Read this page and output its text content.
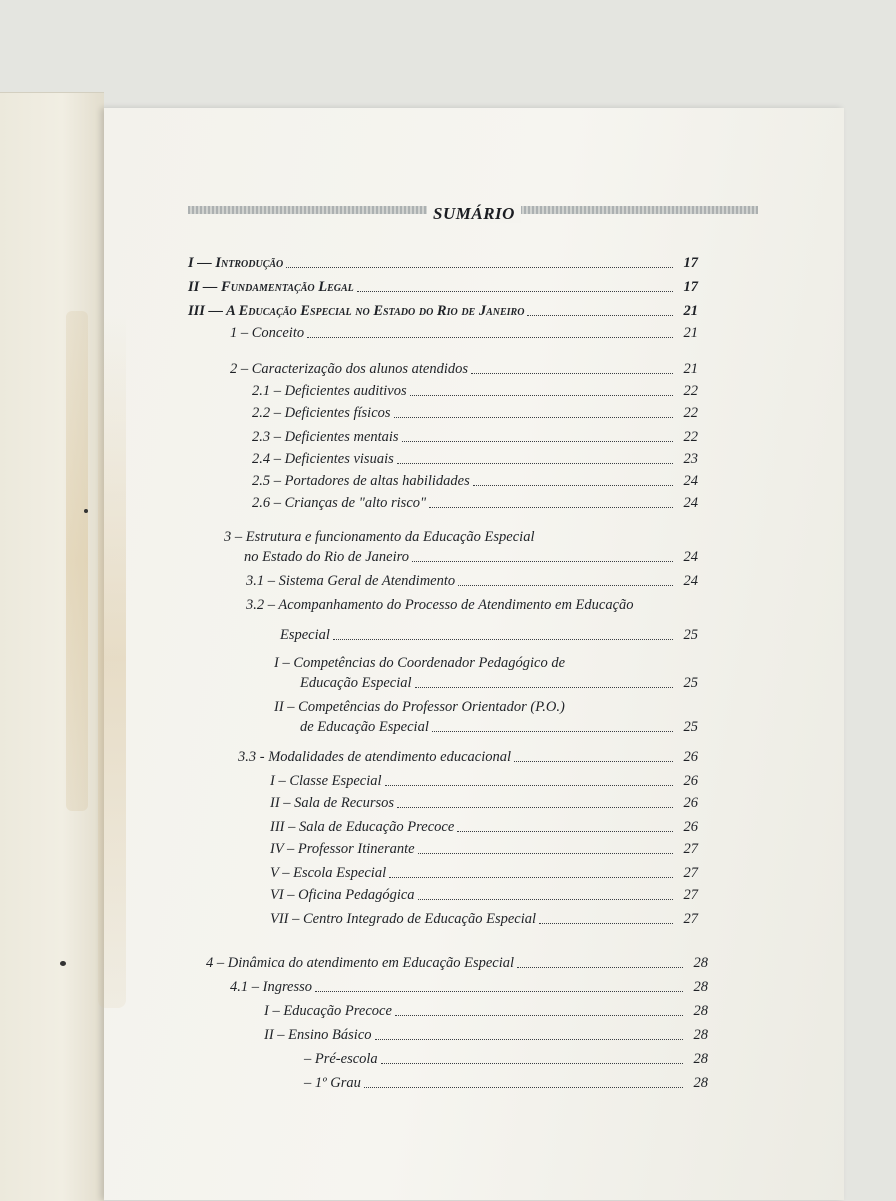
SUMÁRIO
I — Introdução	17
II — Fundamentação Legal	17
III — A Educação Especial no Estado do Rio de Janeiro	21
1 – Conceito	21
2 – Caracterização dos alunos atendidos	21
2.1 – Deficientes auditivos	22
2.2 – Deficientes físicos	22
2.3 – Deficientes mentais	22
2.4 – Deficientes visuais	23
2.5 – Portadores de altas habilidades	24
2.6 – Crianças de "alto risco"	24
3 – Estrutura e funcionamento da Educação Especial
no Estado do Rio de Janeiro	24
3.1 – Sistema Geral de Atendimento	24
3.2 – Acompanhamento do Processo de Atendimento em Educação
Especial	25
I – Competências do Coordenador Pedagógico de
Educação Especial	25
II – Competências do Professor Orientador (P.O.)
de Educação Especial	25
3.3 - Modalidades de atendimento educacional	26
I – Classe Especial	26
II – Sala de Recursos	26
III – Sala de Educação Precoce	26
IV – Professor Itinerante	27
V – Escola Especial	27
VI – Oficina Pedagógica	27
VII – Centro Integrado de Educação Especial	27
4 – Dinâmica do atendimento em Educação Especial	28
4.1 – Ingresso	28
I – Educação Precoce	28
II – Ensino Básico	28
– Pré-escola	28
– 1º Grau	28
